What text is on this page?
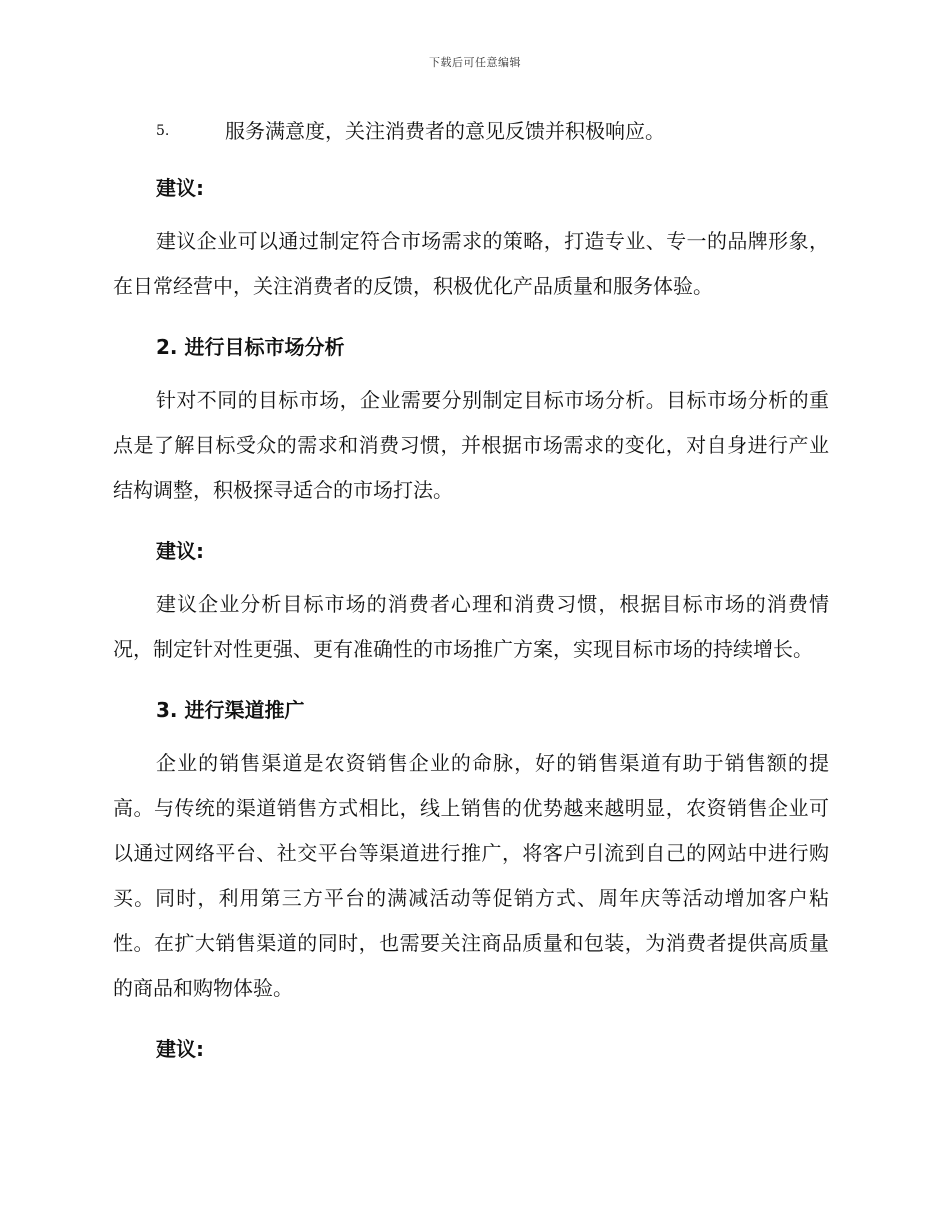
下载后可任意编辑
5.	服务满意度，关注消费者的意见反馈并积极响应。
建议:

建议企业可以通过制定符合市场需求的策略，打造专业、专一的品牌形象，在日常经营中，关注消费者的反馈，积极优化产品质量和服务体验。

2. 进行目标市场分析

针对不同的目标市场，企业需要分别制定目标市场分析。目标市场分析的重点是了解目标受众的需求和消费习惯，并根据市场需求的变化，对自身进行产业结构调整，积极探寻适合的市场打法。

建议:

建议企业分析目标市场的消费者心理和消费习惯，根据目标市场的消费情况，制定针对性更强、更有准确性的市场推广方案，实现目标市场的持续增长。

3. 进行渠道推广

企业的销售渠道是农资销售企业的命脉，好的销售渠道有助于销售额的提高。与传统的渠道销售方式相比，线上销售的优势越来越明显，农资销售企业可以通过网络平台、社交平台等渠道进行推广，将客户引流到自己的网站中进行购买。同时，利用第三方平台的满减活动等促销方式、周年庆等活动增加客户粘性。在扩大销售渠道的同时，也需要关注商品质量和包装，为消费者提供高质量的商品和购物体验。

建议:
